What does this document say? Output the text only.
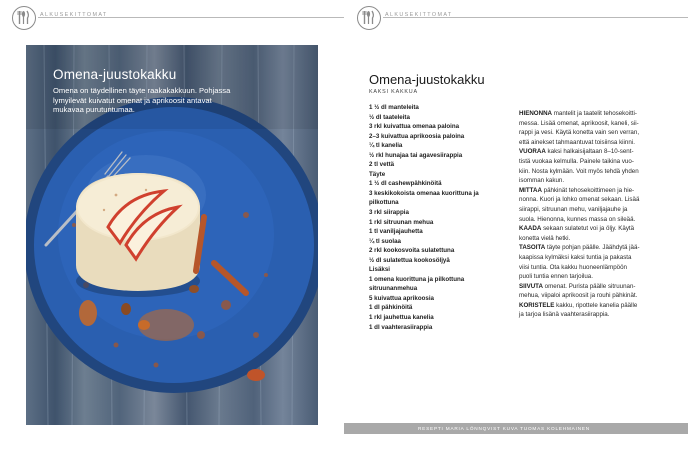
ALKUSEKITTOMAT
Omena-juustokakku
Omena on täydellinen täyte raakakakkuun. Pohjassa lymyilevät kuivatut omenat ja aprikoosit antavat mukavaa purutuntumaa.
ALKUSEKITTOMAT
Omena-juustokakku
KAKSI KAKKUA
1 ½ dl manteleita
½ dl taateleita
3 rkl kuivattua omenaa paloina
2–3 kuivattua aprikoosia paloina
¼ tl kanelia
½ rkl hunajaa tai agavesiirappia
2 tl vettä
Täyte
1 ½ dl cashewpähkinöitä
3 keskikokoista omenaa kuorittuna ja
pilkottuna
3 rkl siirappia
1 rkl sitruunan mehua
1 tl vaniljajauhetta
¼ tl suolaa
2 rkl kookosvoita sulatettuna
½ dl sulatettua kookosöljyä
Lisäksi
1 omena kuorittuna ja pilkottuna
sitruunanmehua
5 kuivattua aprikoosia
1 dl pähkinöitä
1 rkl jauhettua kanelia
1 dl vaahterasiirappia

HIENONNA mantelit ja taatelit tehosekoitti-

messa. Lisää omenat, aprikoosit, kaneli, sii-

rappi ja vesi. Käytä konetta vain sen verran,

että ainekset tahmaantuvat toisiinsa kiinni.

VUORAA kaksi halkaisijaltaan 8–10-sent-

tistä vuokaa kelmulla. Painele taikina vuo-

kiin. Nosta kylmään. Voit myös tehdä yhden

isomman kakun.

MITTAA pähkinät tehosekoittimeen ja hie-

nonna. Kuori ja lohko omenat sekaan. Lisää

siirappi, sitruunan mehu, vaniljajauhe ja

suola. Hienonna, kunnes massa on sileää.

KAADA sekaan sulatetut voi ja öljy. Käytä

konetta vielä hetki.

TASOITA täyte pohjan päälle. Jäähdytä jää-

kaapissa kylmäksi kaksi tuntia ja pakasta

viisi tuntia. Ota kakku huoneenlämpöön

puoli tuntia ennen tarjoilua.

SIIVUTA omenat. Purista päälle sitruunan-

mehua, viipaloi aprikoosit ja rouhi pähkinät.

KORISTELE kakku, ripottele kanelia päälle

ja tarjoa lisänä vaahterasiirappia.

RESEPTI MARIA LÖNNQVIST KUVA TUOMAS KOLEHMAINEN
